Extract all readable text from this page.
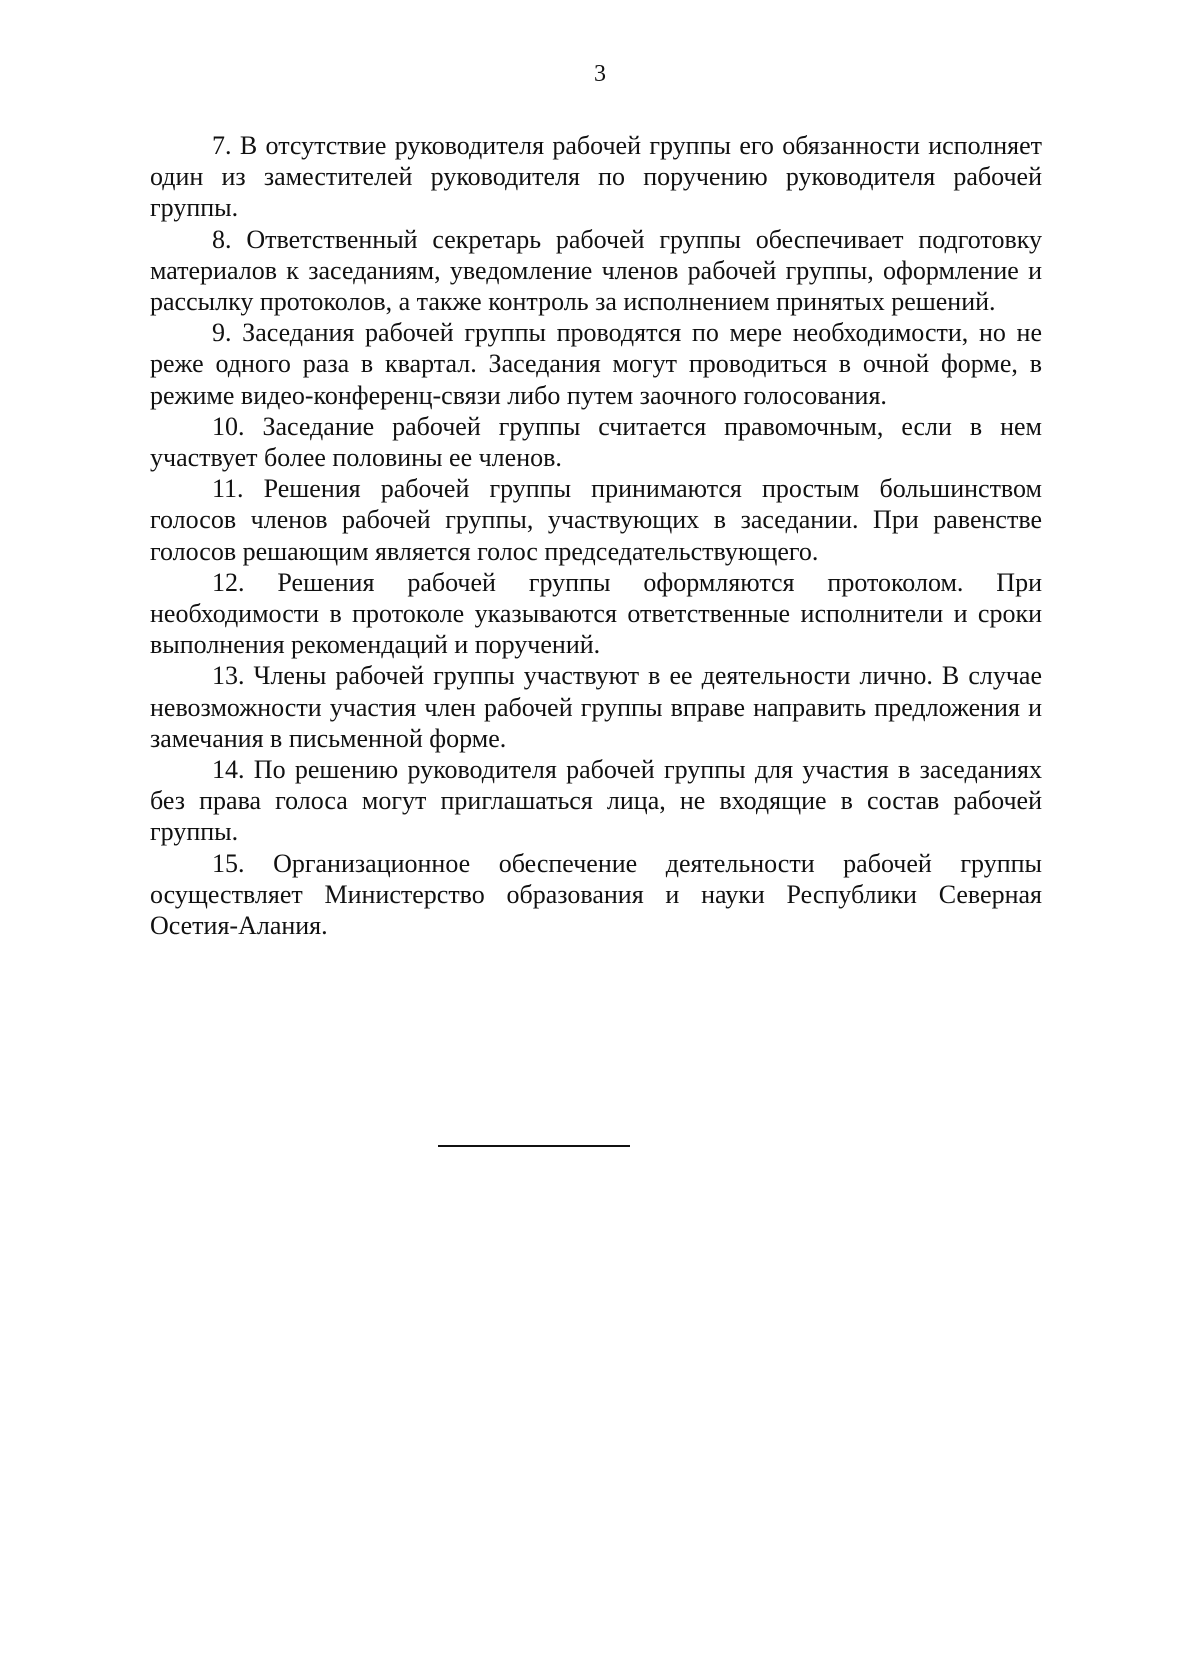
3

7. В отсутствие руководителя рабочей группы его обязанности исполняет один из заместителей руководителя по поручению руководителя рабочей группы.

8. Ответственный секретарь рабочей группы обеспечивает подготовку материалов к заседаниям, уведомление членов рабочей группы, оформление и рассылку протоколов, а также контроль за исполнением принятых решений.

9. Заседания рабочей группы проводятся по мере необходимости, но не реже одного раза в квартал. Заседания могут проводиться в очной форме, в режиме видео-конференц-связи либо путем заочного голосования.

10. Заседание рабочей группы считается правомочным, если в нем участвует более половины ее членов.

11. Решения рабочей группы принимаются простым большинством голосов членов рабочей группы, участвующих в заседании. При равенстве голосов решающим является голос председательствующего.

12. Решения рабочей группы оформляются протоколом. При необходимости в протоколе указываются ответственные исполнители и сроки выполнения рекомендаций и поручений.

13. Члены рабочей группы участвуют в ее деятельности лично. В случае невозможности участия член рабочей группы вправе направить предложения и замечания в письменной форме.

14. По решению руководителя рабочей группы для участия в заседаниях без права голоса могут приглашаться лица, не входящие в состав рабочей группы.

15. Организационное обеспечение деятельности рабочей группы осуществляет Министерство образования и науки Республики Северная Осетия-Алания.
